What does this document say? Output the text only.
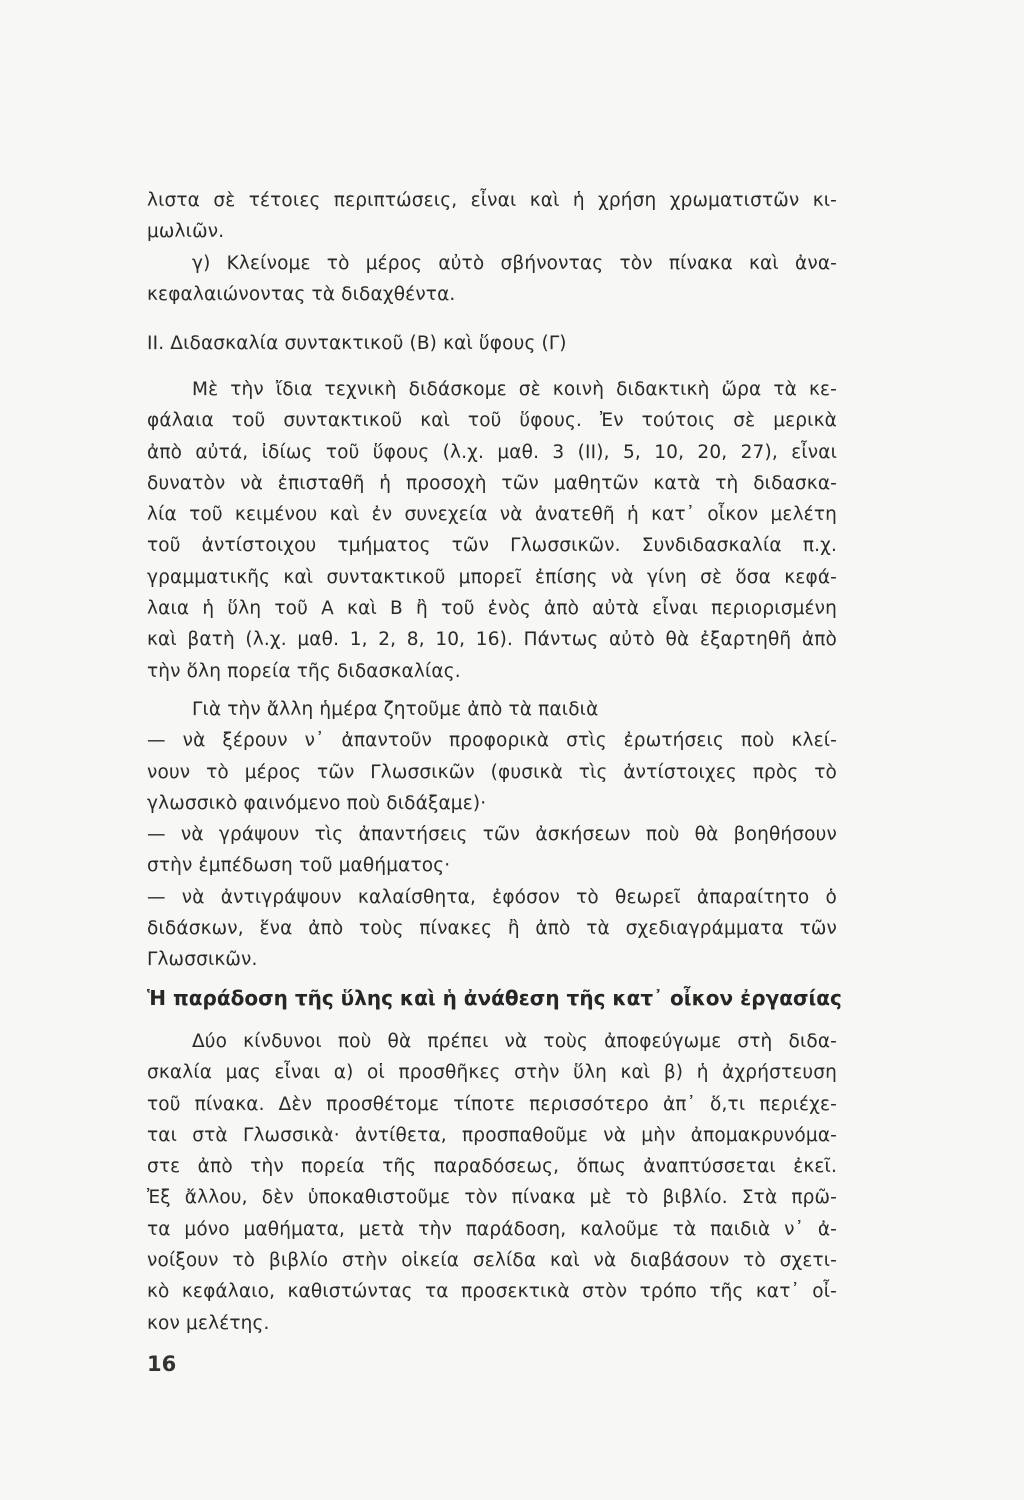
λιστα σὲ τέτοιες περιπτώσεις, εἶναι καὶ ἡ χρήση χρωματιστῶν κι-
μωλιῶν.
γ) Κλείνομε τὸ μέρος αὐτὸ σβήνοντας τὸν πίνακα καὶ ἀνα-
κεφαλαιώνοντας τὰ διδαχθέντα.
ΙΙ. Διδασκαλία συντακτικοῦ (Β) καὶ ὕφους (Γ)
Μὲ τὴν ἴδια τεχνικὴ διδάσκομε σὲ κοινὴ διδακτικὴ ὥρα τὰ κε-
φάλαια τοῦ συντακτικοῦ καὶ τοῦ ὕφους. Ἐν τούτοις σὲ μερικὰ
ἀπὸ αὐτά, ἰδίως τοῦ ὕφους (λ.χ. μαθ. 3 (ΙΙ), 5, 10, 20, 27), εἶναι
δυνατὸν νὰ ἐπισταθῆ ἡ προσοχὴ τῶν μαθητῶν κατὰ τὴ διδασκα-
λία τοῦ κειμένου καὶ ἐν συνεχεία νὰ ἀνατεθῆ ἡ κατ᾽ οἶκον μελέτη
τοῦ ἀντίστοιχου τμήματος τῶν Γλωσσικῶν. Συνδιδασκαλία π.χ.
γραμματικῆς καὶ συντακτικοῦ μπορεῖ ἐπίσης νὰ γίνη σὲ ὅσα κεφά-
λαια ἡ ὕλη τοῦ Α καὶ Β ἢ τοῦ ἑνὸς ἀπὸ αὐτὰ εἶναι περιορισμένη
καὶ βατὴ (λ.χ. μαθ. 1, 2, 8, 10, 16). Πάντως αὐτὸ θὰ ἐξαρτηθῆ ἀπὸ
τὴν ὅλη πορεία τῆς διδασκαλίας.
Γιὰ τὴν ἄλλη ἡμέρα ζητοῦμε ἀπὸ τὰ παιδιὰ
— νὰ ξέρουν ν᾽ ἀπαντοῦν προφορικὰ στὶς ἐρωτήσεις ποὺ κλεί-
νουν τὸ μέρος τῶν Γλωσσικῶν (φυσικὰ τὶς ἀντίστοιχες πρὸς τὸ
γλωσσικὸ φαινόμενο ποὺ διδάξαμε)·
— νὰ γράψουν τὶς ἀπαντήσεις τῶν ἀσκήσεων ποὺ θὰ βοηθήσουν
στὴν ἐμπέδωση τοῦ μαθήματος·
— νὰ ἀντιγράψουν καλαίσθητα, ἐφόσον τὸ θεωρεῖ ἀπαραίτητο ὁ
διδάσκων, ἕνα ἀπὸ τοὺς πίνακες ἢ ἀπὸ τὰ σχεδιαγράμματα τῶν
Γλωσσικῶν.
Ἡ παράδοση τῆς ὕλης καὶ ἡ ἀνάθεση τῆς κατ᾽ οἶκον ἐργασίας
Δύο κίνδυνοι ποὺ θὰ πρέπει νὰ τοὺς ἀποφεύγωμε στὴ διδα-
σκαλία μας εἶναι α) οἱ προσθῆκες στὴν ὕλη καὶ β) ἡ ἀχρήστευση
τοῦ πίνακα. Δὲν προσθέτομε τίποτε περισσότερο ἀπ᾽ ὅ,τι περιέχε-
ται στὰ Γλωσσικὰ· ἀντίθετα, προσπαθοῦμε νὰ μὴν ἀπομακρυνόμα-
στε ἀπὸ τὴν πορεία τῆς παραδόσεως, ὅπως ἀναπτύσσεται ἐκεῖ.
Ἐξ ἄλλου, δὲν ὑποκαθιστοῦμε τὸν πίνακα μὲ τὸ βιβλίο. Στὰ πρῶ-
τα μόνο μαθήματα, μετὰ τὴν παράδοση, καλοῦμε τὰ παιδιὰ ν᾽ ἀ-
νοίξουν τὸ βιβλίο στὴν οἰκεία σελίδα καὶ νὰ διαβάσουν τὸ σχετι-
κὸ κεφάλαιο, καθιστώντας τα προσεκτικὰ στὸν τρόπο τῆς κατ᾽ οἶ-
κον μελέτης.
16
